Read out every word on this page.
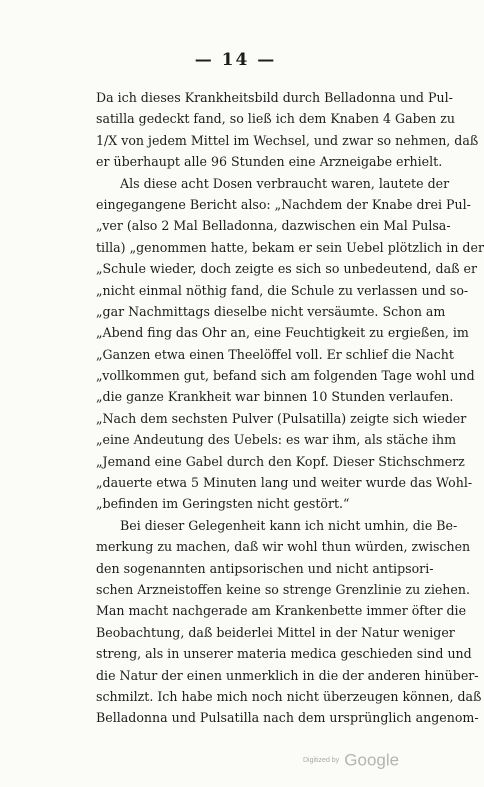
— 14 —
Da ich dieses Krankheitsbild durch Belladonna und Pul-
satilla gedeckt fand, so ließ ich dem Knaben 4 Gaben zu
1/X von jedem Mittel im Wechsel, und zwar so nehmen, daß
er überhaupt alle 96 Stunden eine Arzneigabe erhielt.
Als diese acht Dosen verbraucht waren, lautete der
eingegangene Bericht also: „Nachdem der Knabe drei Pul-
„ver (also 2 Mal Belladonna, dazwischen ein Mal Pulsa-
tilla) „genommen hatte, bekam er sein Uebel plötzlich in der
„Schule wieder, doch zeigte es sich so unbedeutend, daß er
„nicht einmal nöthig fand, die Schule zu verlassen und so-
„gar Nachmittags dieselbe nicht versäumte. Schon am
„Abend fing das Ohr an, eine Feuchtigkeit zu ergießen, im
„Ganzen etwa einen Theelöffel voll. Er schlief die Nacht
„vollkommen gut, befand sich am folgenden Tage wohl und
„die ganze Krankheit war binnen 10 Stunden verlaufen.
„Nach dem sechsten Pulver (Pulsatilla) zeigte sich wieder
„eine Andeutung des Uebels: es war ihm, als stäche ihm
„Jemand eine Gabel durch den Kopf. Dieser Stichschmerz
„dauerte etwa 5 Minuten lang und weiter wurde das Wohl-
„befinden im Geringsten nicht gestört.“
Bei dieser Gelegenheit kann ich nicht umhin, die Be-
merkung zu machen, daß wir wohl thun würden, zwischen
den sogenannten antipsorischen und nicht antipsori-
schen Arzneistoffen keine so strenge Grenzlinie zu ziehen.
Man macht nachgerade am Krankenbette immer öfter die
Beobachtung, daß beiderlei Mittel in der Natur weniger
streng, als in unserer materia medica geschieden sind und
die Natur der einen unmerklich in die der anderen hinüber-
schmilzt. Ich habe mich noch nicht überzeugen können, daß
Belladonna und Pulsatilla nach dem ursprünglich angenom-
Digitized by Google
